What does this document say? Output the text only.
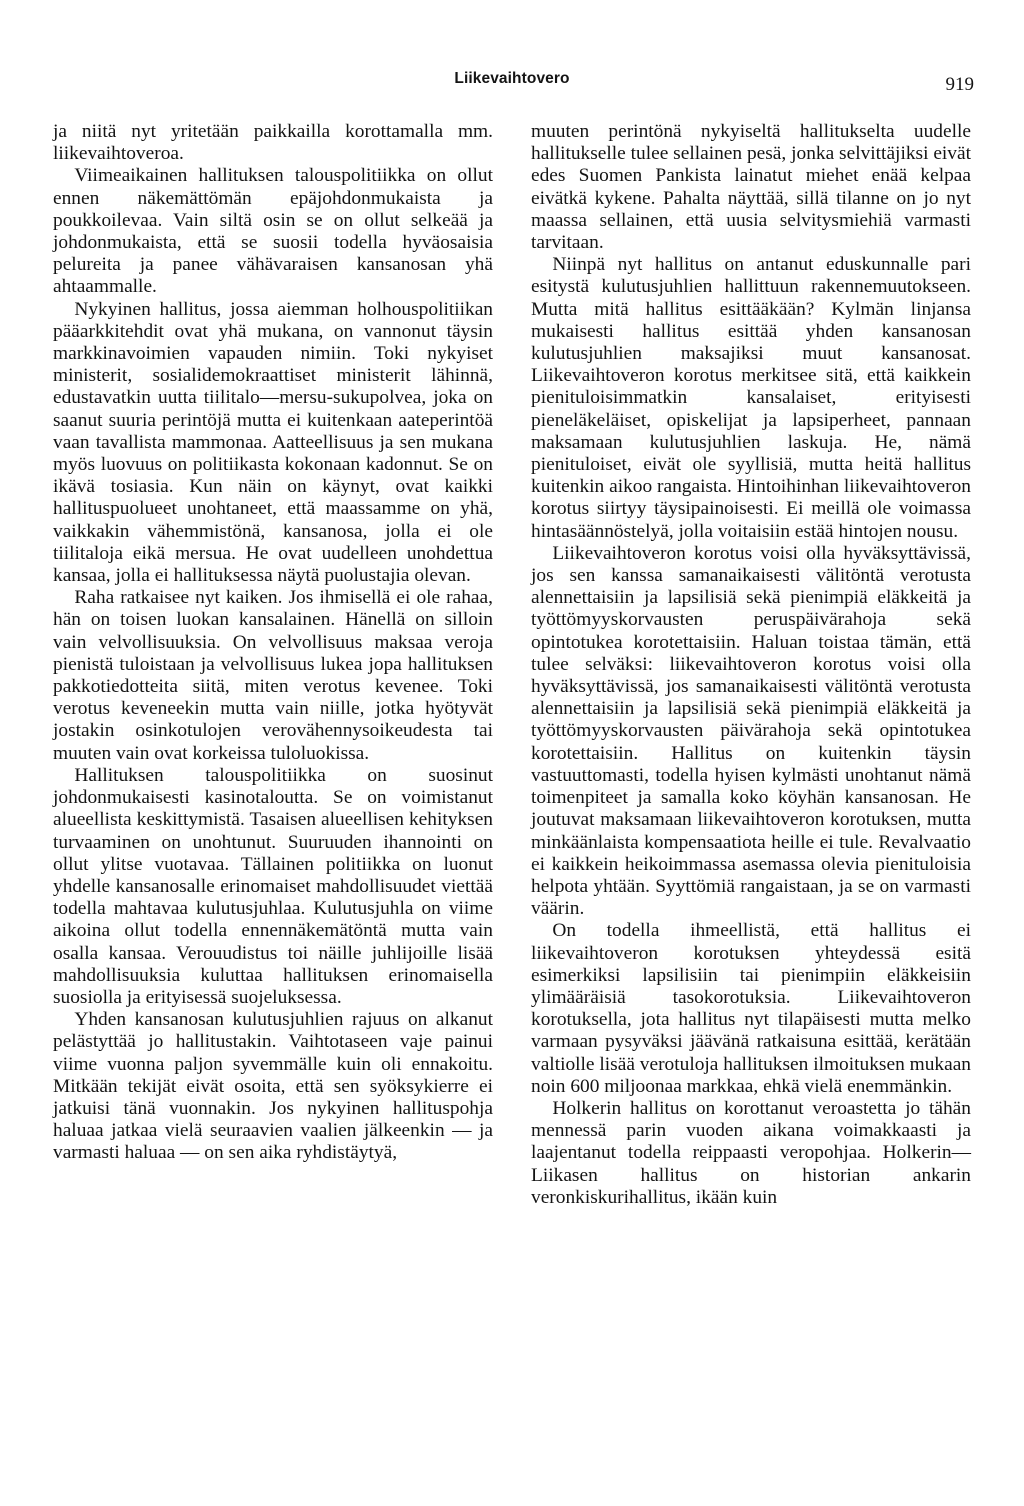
Liikevaihtovero	919

ja niitä nyt yritetään paikkailla korottamalla mm. liikevaihtoveroa.

Viimeaikainen hallituksen talouspolitiikka on ollut ennen näkemättömän epäjohdonmukaista ja poukkoilevaa. Vain siltä osin se on ollut selkeää ja johdonmukaista, että se suosii todella hyväosaisia pelureita ja panee vähävaraisen kansanosan yhä ahtaammalle.

Nykyinen hallitus, jossa aiemman holhouspolitiikan pääarkkitehdit ovat yhä mukana, on vannonut täysin markkinavoimien vapauden nimiin. Toki nykyiset ministerit, sosialidemokraattiset ministerit lähinnä, edustavatkin uutta tiilitalo—mersu-sukupolvea, joka on saanut suuria perintöjä mutta ei kuitenkaan aateperintöä vaan tavallista mammonaa. Aatteellisuus ja sen mukana myös luovuus on politiikasta kokonaan kadonnut. Se on ikävä tosiasia. Kun näin on käynyt, ovat kaikki hallituspuolueet unohtaneet, että maassamme on yhä, vaikkakin vähemmistönä, kansanosa, jolla ei ole tiilitaloja eikä mersua. He ovat uudelleen unohdettua kansaa, jolla ei hallituksessa näytä puolustajia olevan.

Raha ratkaisee nyt kaiken. Jos ihmisellä ei ole rahaa, hän on toisen luokan kansalainen. Hänellä on silloin vain velvollisuuksia. On velvollisuus maksaa veroja pienistä tuloistaan ja velvollisuus lukea jopa hallituksen pakkotiedotteita siitä, miten verotus kevenee. Toki verotus keveneekin mutta vain niille, jotka hyötyvät jostakin osinkotulojen verovähennysoikeudesta tai muuten vain ovat korkeissa tuloluokissa.

Hallituksen talouspolitiikka on suosinut johdonmukaisesti kasinotaloutta. Se on voimistanut alueellista keskittymistä. Tasaisen alueellisen kehityksen turvaaminen on unohtunut. Suuruuden ihannointi on ollut ylitse vuotavaa. Tällainen politiikka on luonut yhdelle kansanosalle erinomaiset mahdollisuudet viettää todella mahtavaa kulutusjuhlaa. Kulutusjuhla on viime aikoina ollut todella ennennäkemätöntä mutta vain osalla kansaa. Verouudistus toi näille juhlijoille lisää mahdollisuuksia kuluttaa hallituksen erinomaisella suosiolla ja erityisessä suojeluksessa.

Yhden kansanosan kulutusjuhlien rajuus on alkanut pelästyttää jo hallitustakin. Vaihtotaseen vaje painui viime vuonna paljon syvemmälle kuin oli ennakoitu. Mitkään tekijät eivät osoita, että sen syöksykierre ei jatkuisi tänä vuonnakin. Jos nykyinen hallituspohja haluaa jatkaa vielä seuraavien vaalien jälkeenkin — ja varmasti haluaa — on sen aika ryhdistäytyä,

muuten perintönä nykyiseltä hallitukselta uudelle hallitukselle tulee sellainen pesä, jonka selvittäjiksi eivät edes Suomen Pankista lainatut miehet enää kelpaa eivätkä kykene. Pahalta näyttää, sillä tilanne on jo nyt maassa sellainen, että uusia selvitysmiehiä varmasti tarvitaan.

Niinpä nyt hallitus on antanut eduskunnalle pari esitystä kulutusjuhlien hallittuun rakennemuutokseen. Mutta mitä hallitus esittääkään? Kylmän linjansa mukaisesti hallitus esittää yhden kansanosan kulutusjuhlien maksajiksi muut kansanosat. Liikevaihtoveron korotus merkitsee sitä, että kaikkein pienituloisimmatkin kansalaiset, erityisesti pieneläkeläiset, opiskelijat ja lapsiperheet, pannaan maksamaan kulutusjuhlien laskuja. He, nämä pienituloiset, eivät ole syyllisiä, mutta heitä hallitus kuitenkin aikoo rangaista. Hintoihinhan liikevaihtoveron korotus siirtyy täysipainoisesti. Ei meillä ole voimassa hintasäännöstelyä, jolla voitaisiin estää hintojen nousu.

Liikevaihtoveron korotus voisi olla hyväksyttävissä, jos sen kanssa samanaikaisesti välitöntä verotusta alennettaisiin ja lapsilisiä sekä pienimpiä eläkkeitä ja työttömyyskorvausten peruspäivärahoja sekä opintotukea korotettaisiin. Haluan toistaa tämän, että tulee selväksi: liikevaihtoveron korotus voisi olla hyväksyttävissä, jos samanaikaisesti välitöntä verotusta alennettaisiin ja lapsilisiä sekä pienimpiä eläkkeitä ja työttömyyskorvausten päivärahoja sekä opintotukea korotettaisiin. Hallitus on kuitenkin täysin vastuuttomasti, todella hyisen kylmästi unohtanut nämä toimenpiteet ja samalla koko köyhän kansanosan. He joutuvat maksamaan liikevaihtoveron korotuksen, mutta minkäänlaista kompensaatiota heille ei tule. Revalvaatio ei kaikkein heikoimmassa asemassa olevia pienituloisia helpota yhtään. Syyttömiä rangaistaan, ja se on varmasti väärin.

On todella ihmeellistä, että hallitus ei liikevaihtoveron korotuksen yhteydessä esitä esimerkiksi lapsilisiin tai pienimpiin eläkkeisiin ylimääräisiä tasokorotuksia. Liikevaihtoveron korotuksella, jota hallitus nyt tilapäisesti mutta melko varmaan pysyväksi jäävänä ratkaisuna esittää, kerätään valtiolle lisää verotuloja hallituksen ilmoituksen mukaan noin 600 miljoonaa markkaa, ehkä vielä enemmänkin.

Holkerin hallitus on korottanut veroastetta jo tähän mennessä parin vuoden aikana voimakkaasti ja laajentanut todella reippaasti veropohjaa. Holkerin—Liikasen hallitus on historian ankarin veronkiskurihallitus, ikään kuin
